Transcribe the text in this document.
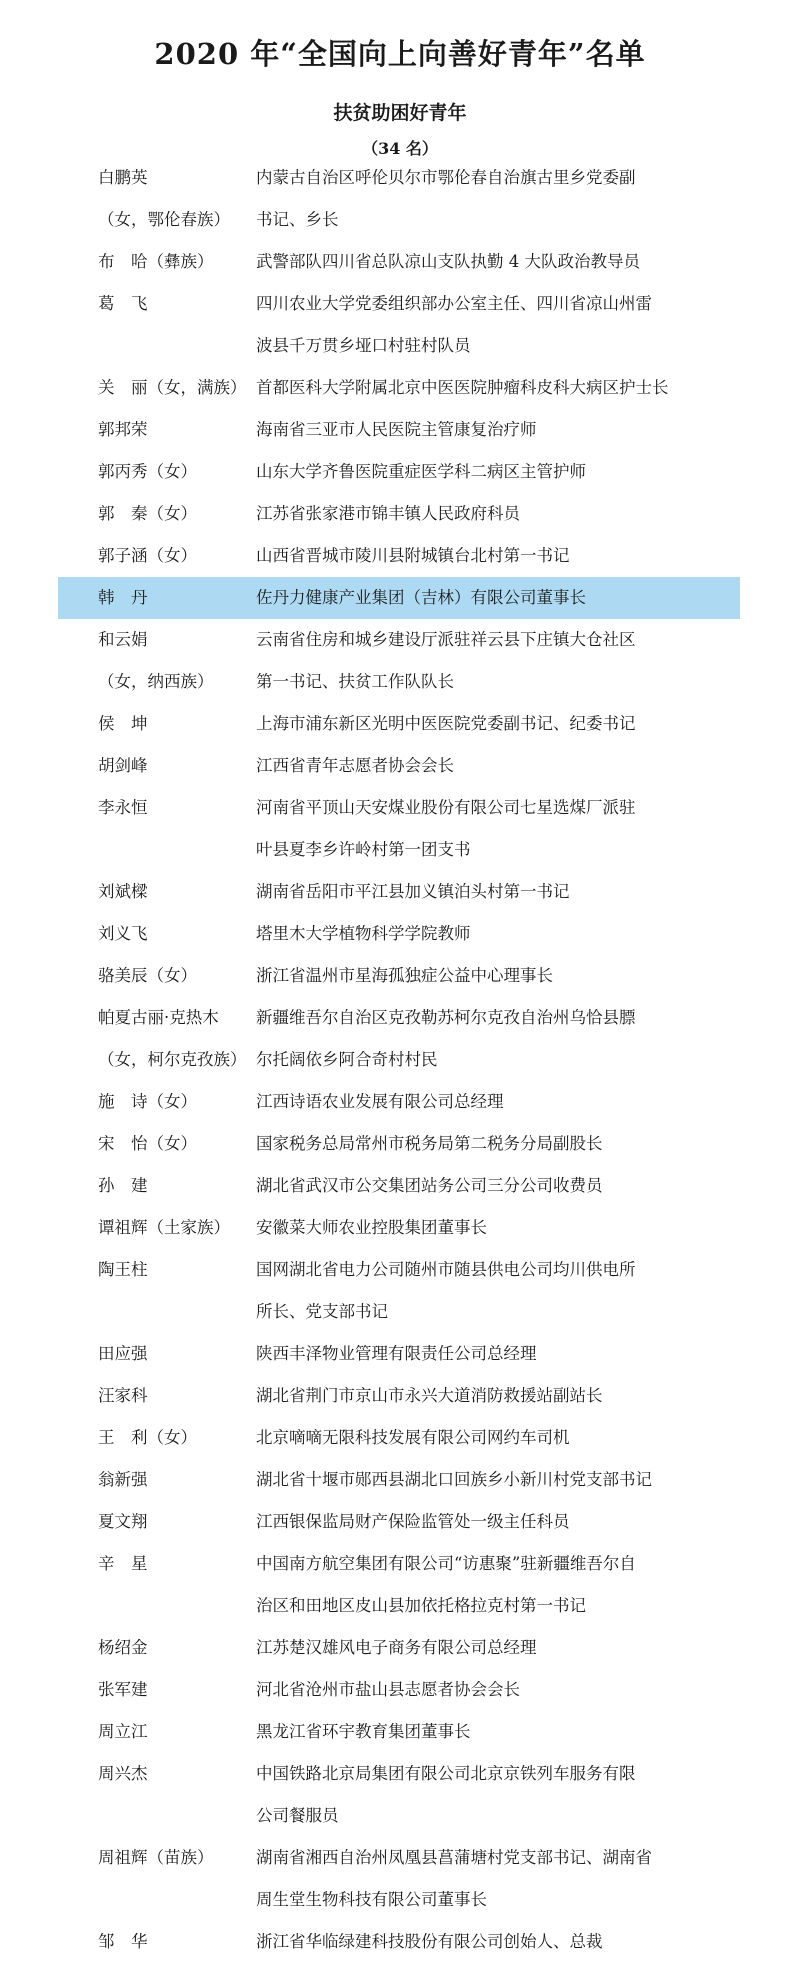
2020 年“全国向上向善好青年”名单
扶贫助困好青年
（34 名）
白鹏英	内蒙古自治区呼伦贝尔市鄂伦春自治旗古里乡党委副
（女，鄂伦春族） 书记、乡长
布　哈（彝族）	武警部队四川省总队凉山支队执勤 4 大队政治教导员
葛　飞	四川农业大学党委组织部办公室主任、四川省凉山州雷
波县千万贯乡垭口村驻村队员
关　丽（女，满族） 首都医科大学附属北京中医医院肿瘤科皮科大病区护士长
郭邦荣	海南省三亚市人民医院主管康复治疗师
郭丙秀（女）	山东大学齐鲁医院重症医学科二病区主管护师
郭　秦（女）	江苏省张家港市锦丰镇人民政府科员
郭子涵（女）	山西省晋城市陵川县附城镇台北村第一书记
韩　丹	佐丹力健康产业集团（吉林）有限公司董事长
和云娟	云南省住房和城乡建设厅派驻祥云县下庄镇大仓社区
（女，纳西族）	第一书记、扶贫工作队队长
侯　坤	上海市浦东新区光明中医医院党委副书记、纪委书记
胡剑峰	江西省青年志愿者协会会长
李永恒	河南省平顶山天安煤业股份有限公司七星选煤厂派驻
叶县夏李乡许岭村第一团支书
刘斌樑	湖南省岳阳市平江县加义镇泊头村第一书记
刘义飞	塔里木大学植物科学学院教师
骆美辰（女）	浙江省温州市星海孤独症公益中心理事长
帕夏古丽·克热木 新疆维吾尔自治区克孜勒苏柯尔克孜自治州乌恰县膘
（女，柯尔克孜族） 尔托阔依乡阿合奇村村民
施　诗（女）	江西诗语农业发展有限公司总经理
宋　怡（女）	国家税务总局常州市税务局第二税务分局副股长
孙　建	湖北省武汉市公交集团站务公司三分公司收费员
谭祖辉（土家族） 安徽菜大师农业控股集团董事长
陶王柱	国网湖北省电力公司随州市随县供电公司均川供电所
所长、党支部书记
田应强	陕西丰泽物业管理有限责任公司总经理
汪家科	湖北省荆门市京山市永兴大道消防救援站副站长
王　利（女）	北京嘀嘀无限科技发展有限公司网约车司机
翁新强	湖北省十堰市郧西县湖北口回族乡小新川村党支部书记
夏文翔	江西银保监局财产保险监管处一级主任科员
辛　星	中国南方航空集团有限公司“访惠聚”驻新疆维吾尔自
治区和田地区皮山县加依托格拉克村第一书记
杨绍金	江苏楚汉雄风电子商务有限公司总经理
张军建	河北省沧州市盐山县志愿者协会会长
周立江	黑龙江省环宇教育集团董事长
周兴杰	中国铁路北京局集团有限公司北京京铁列车服务有限
公司餐服员
周祖辉（苗族）	湖南省湘西自治州凤凰县菖蒲塘村党支部书记、湖南省
周生堂生物科技有限公司董事长
邹　华	浙江省华临绿建科技股份有限公司创始人、总裁
